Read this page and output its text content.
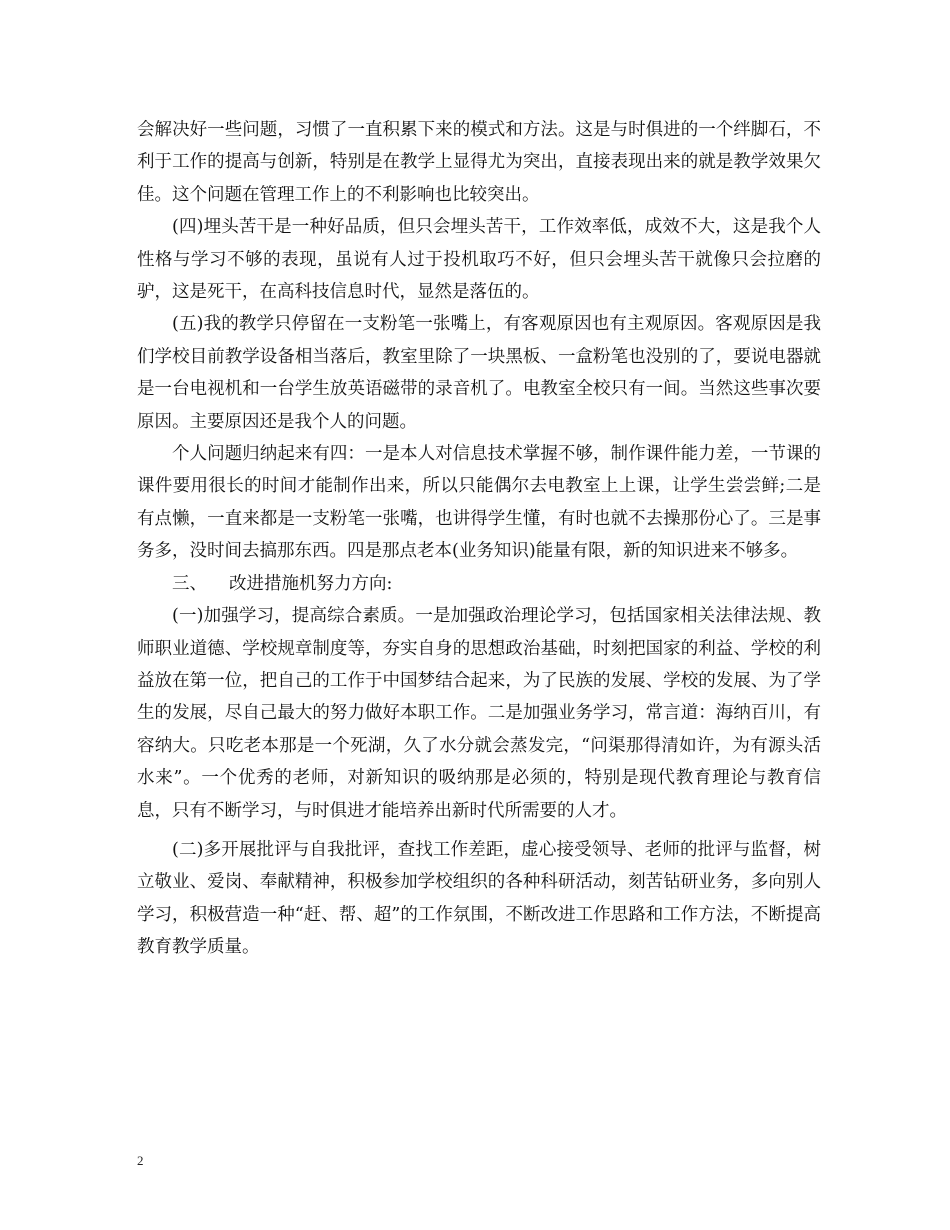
会解决好一些问题，习惯了一直积累下来的模式和方法。这是与时俱进的一个绊脚石，不利于工作的提高与创新，特别是在教学上显得尤为突出，直接表现出来的就是教学效果欠佳。这个问题在管理工作上的不利影响也比较突出。

(四)埋头苦干是一种好品质，但只会埋头苦干，工作效率低，成效不大，这是我个人性格与学习不够的表现，虽说有人过于投机取巧不好，但只会埋头苦干就像只会拉磨的驴，这是死干，在高科技信息时代，显然是落伍的。

(五)我的教学只停留在一支粉笔一张嘴上，有客观原因也有主观原因。客观原因是我们学校目前教学设备相当落后，教室里除了一块黑板、一盒粉笔也没别的了，要说电器就是一台电视机和一台学生放英语磁带的录音机了。电教室全校只有一间。当然这些事次要原因。主要原因还是我个人的问题。

个人问题归纳起来有四：一是本人对信息技术掌握不够，制作课件能力差，一节课的课件要用很长的时间才能制作出来，所以只能偶尔去电教室上上课，让学生尝尝鲜;二是有点懒，一直来都是一支粉笔一张嘴，也讲得学生懂，有时也就不去操那份心了。三是事务多，没时间去搞那东西。四是那点老本(业务知识)能量有限，新的知识进来不够多。

三、 改进措施机努力方向:

(一)加强学习，提高综合素质。一是加强政治理论学习，包括国家相关法律法规、教师职业道德、学校规章制度等，夯实自身的思想政治基础，时刻把国家的利益、学校的利益放在第一位，把自己的工作于中国梦结合起来，为了民族的发展、学校的发展、为了学生的发展，尽自己最大的努力做好本职工作。二是加强业务学习，常言道：海纳百川，有容纳大。只吃老本那是一个死湖，久了水分就会蒸发完，“问渠那得清如许，为有源头活水来”。一个优秀的老师，对新知识的吸纳那是必须的，特别是现代教育理论与教育信息，只有不断学习，与时俱进才能培养出新时代所需要的人才。

(二)多开展批评与自我批评，查找工作差距，虚心接受领导、老师的批评与监督，树立敬业、爱岗、奉献精神，积极参加学校组织的各种科研活动，刻苦钻研业务，多向别人学习，积极营造一种“赶、帮、超”的工作氛围，不断改进工作思路和工作方法，不断提高教育教学质量。

2
